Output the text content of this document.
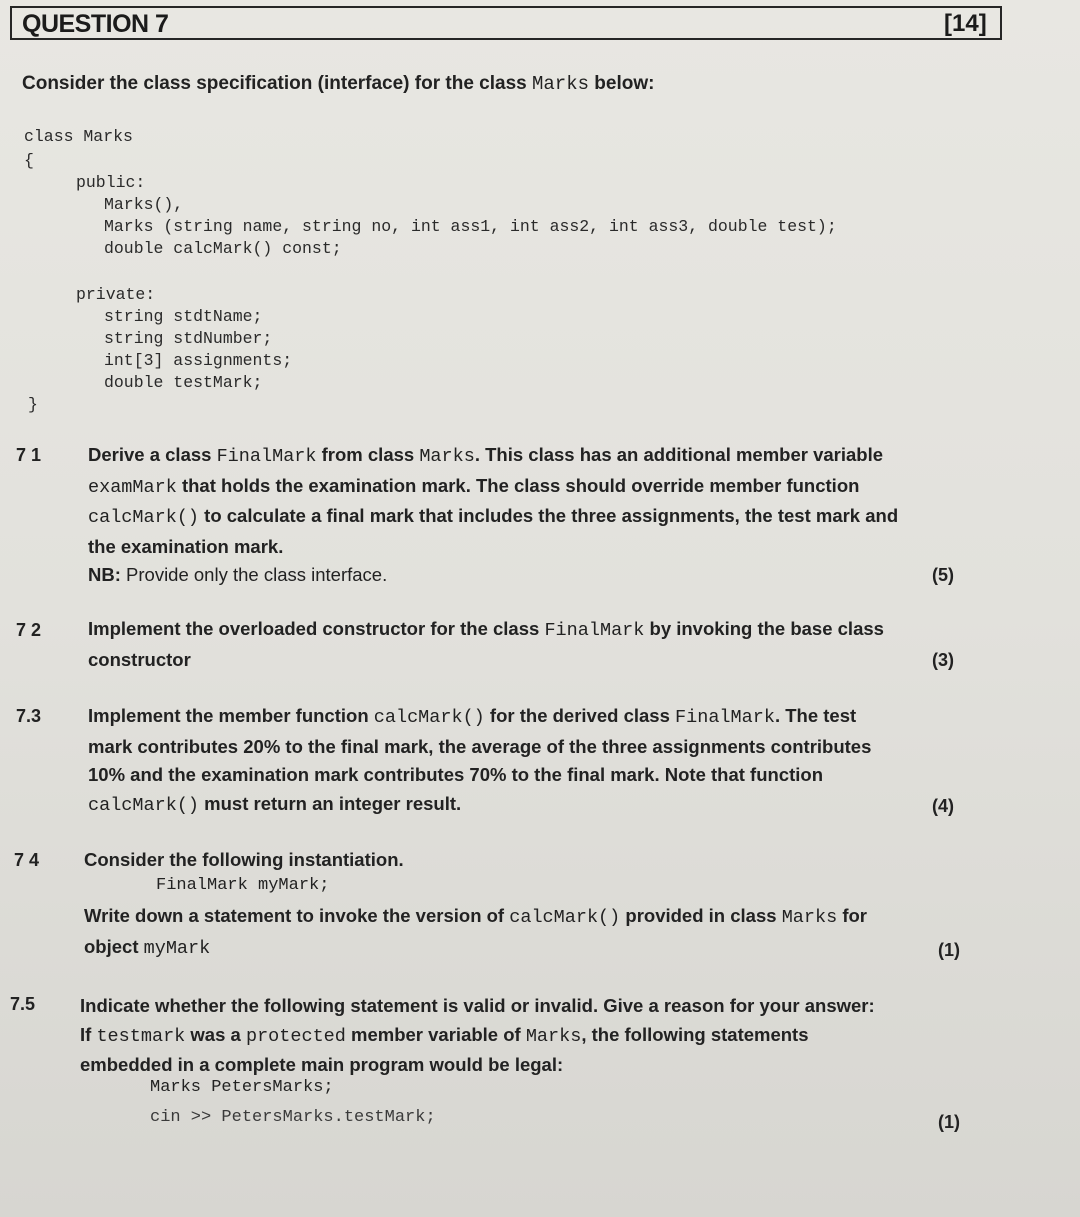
QUESTION 7	[14]
Consider the class specification (interface) for the class Marks below:
class Marks
{
public:
Marks(),
Marks (string name, string no, int ass1, int ass2, int ass3, double test);
double calcMark() const;
private:
string stdtName;
string stdNumber;
int[3] assignments;
double testMark;
}
7 1	Derive a class FinalMark from class Marks. This class has an additional member variable
examMark that holds the examination mark. The class should override member function
calcMark() to calculate a final mark that includes the three assignments, the test mark and
the examination mark.
NB: Provide only the class interface.	(5)
7 2	Implement the overloaded constructor for the class FinalMark by invoking the base class
constructor	(3)
7.3	Implement the member function calcMark() for the derived class FinalMark. The test
mark contributes 20% to the final mark, the average of the three assignments contributes
10% and the examination mark contributes 70% to the final mark. Note that function
calcMark() must return an integer result.	(4)
7 4 Consider the following instantiation.
FinalMark myMark;
Write down a statement to invoke the version of calcMark() provided in class Marks for
object myMark	(1)
7.5 Indicate whether the following statement is valid or invalid. Give a reason for your answer:
If testmark was a protected member variable of Marks, the following statements
embedded in a complete main program would be legal:
Marks PetersMarks;
cin >> PetersMarks.testMark;	(1)
